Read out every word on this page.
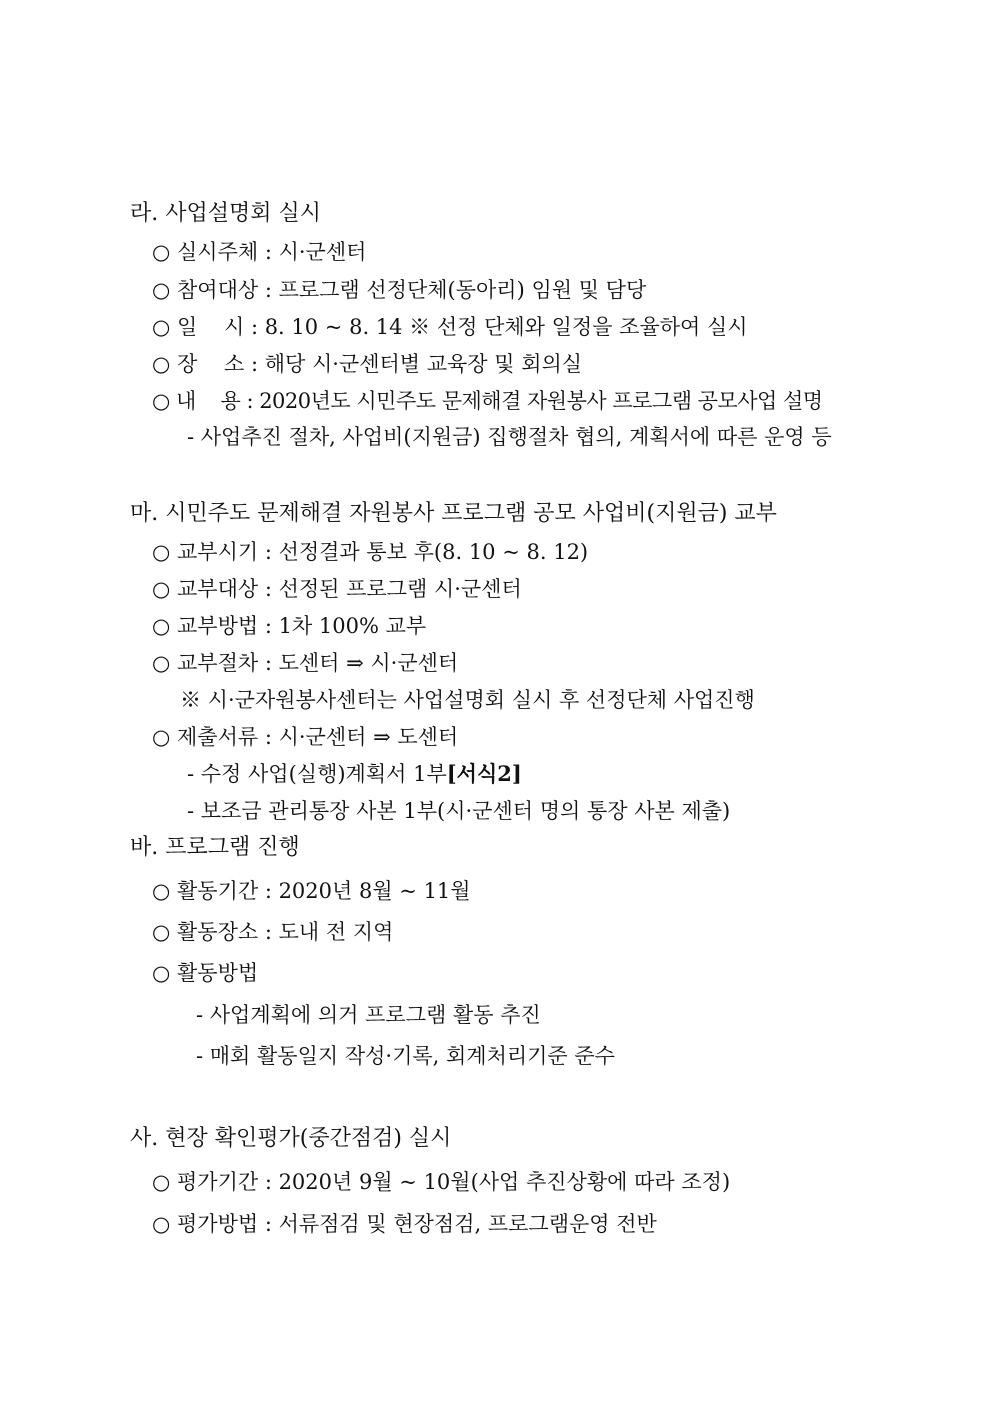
라. 사업설명회 실시
○ 실시주체 : 시·군센터
○ 참여대상 : 프로그램 선정단체(동아리) 임원 및 담당
○ 일    시 : 8. 10 ~ 8. 14 ※ 선정 단체와 일정을 조율하여 실시
○ 장    소 : 해당 시·군센터별 교육장 및 회의실
○ 내    용 : 2020년도 시민주도 문제해결 자원봉사 프로그램 공모사업 설명
- 사업추진 절차, 사업비(지원금) 집행절차 협의, 계획서에 따른 운영 등
마. 시민주도 문제해결 자원봉사 프로그램 공모 사업비(지원금) 교부
○ 교부시기 : 선정결과 통보 후(8. 10 ~ 8. 12)
○ 교부대상 : 선정된 프로그램 시·군센터
○ 교부방법 : 1차 100% 교부
○ 교부절차 : 도센터 ⇒ 시·군센터
※ 시·군자원봉사센터는 사업설명회 실시 후 선정단체 사업진행
○ 제출서류 : 시·군센터 ⇒ 도센터
- 수정 사업(실행)계획서 1부[서식2]
- 보조금 관리통장 사본 1부(시·군센터 명의 통장 사본 제출)
바. 프로그램 진행
○ 활동기간 : 2020년 8월 ~ 11월
○ 활동장소 : 도내 전 지역
○ 활동방법
- 사업계획에 의거 프로그램 활동 추진
- 매회 활동일지 작성·기록, 회계처리기준 준수
사. 현장 확인평가(중간점검) 실시
○ 평가기간 : 2020년 9월 ~ 10월(사업 추진상황에 따라 조정)
○ 평가방법 : 서류점검 및 현장점검, 프로그램운영 전반
